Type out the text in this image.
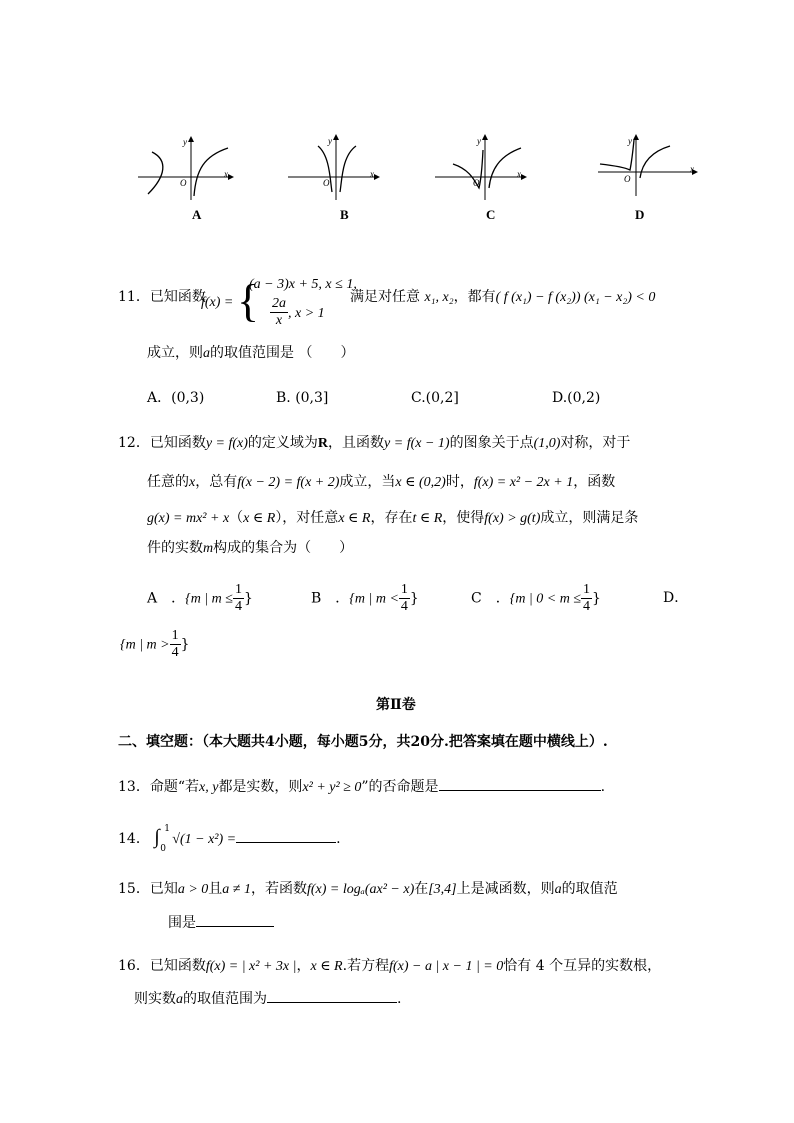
x
y
O
A
x
y
O
B
x
y
O
C
x
y
O
D
11．已知函数
f(x) = {
(a − 3)x + 5, x ≤ 1,
$\frac{2a}{x}$ , x > 1
满足对任意 x₁, x₂，都有( f (x₁) − f (x₂)) (x₁ − x₂) < 0
成立，则a的取值范围是 （　　）
A．(0,3)	B. (0,3]	C.(0,2]	D.(0,2)
12．已知函数y = f(x)的定义域为R，且函数y = f(x − 1)的图象关于点(1,0)对称，对于
任意的x，总有f(x − 2) = f(x + 2)成立，当x ∈ (0,2)时，f(x) = x² − 2x + 1，函数
g(x) = mx² + x（x ∈ R），对任意x ∈ R，存在t ∈ R，使得f(x) > g(t)成立，则满足条
件的实数m构成的集合为（　　）
A　．{m | $m \le \frac{1}{4}$ }	B　．{m | $m < \frac{1}{4}$ }	C　．{m | $0 < m \le \frac{1}{4}$ }	D．
{m | $m > \frac{1}{4}$ }
第Ⅱ卷
二、填空题：（本大题共4小题，每小题5分，共20分.把答案填在题中横线上）.
13．命题“若x, y都是实数，则x² + y² ≥ 0”的否命题是	.
14． ∫ 1
0
√(1 − x²) =	.
15．已知a > 0且a ≠ 1，若函数f(x) = logₐ(ax² − x)在[3,4]上是减函数，则a的取值范
围是
16．已知函数f(x) = | x² + 3x |，x ∈ R.若方程f(x) − a | x − 1 | = 0恰有 4 个互异的实数根，
则实数a的取值范围为	.
